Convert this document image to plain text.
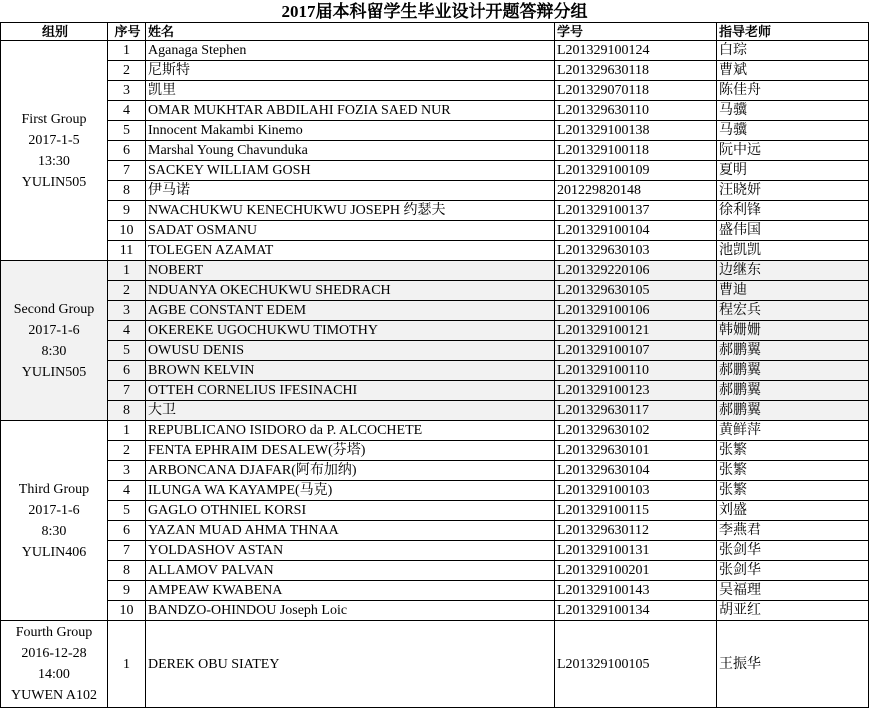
2017届本科留学生毕业设计开题答辩分组
组别	序号	姓名	学号	指导老师

First Group
2017-1-5
13:30
YULIN505	1	Aganaga Stephen	L201329100124	白琮
	2	尼斯特	L201329630118	曹斌
	3	凯里	L201329070118	陈佳舟
	4	OMAR MUKHTAR ABDILAHI FOZIA SAED NUR	L201329630110	马骥
	5	Innocent Makambi Kinemo	L201329100138	马骥
	6	Marshal Young Chavunduka	L201329100118	阮中远
	7	SACKEY WILLIAM GOSH	L201329100109	夏明
	8	伊马诺	201229820148	汪晓妍
	9	NWACHUKWU KENECHUKWU JOSEPH 约瑟夫	L201329100137	徐利锋
	10	SADAT OSMANU	L201329100104	盛伟国
	11	TOLEGEN AZAMAT	L201329630103	池凯凯

Second Group
2017-1-6
8:30
YULIN505	1	NOBERT	L201329220106	边继东
	2	NDUANYA OKECHUKWU SHEDRACH	L201329630105	曹迪
	3	AGBE CONSTANT EDEM	L201329100106	程宏兵
	4	OKEREKE UGOCHUKWU TIMOTHY	L201329100121	韩姗姗
	5	OWUSU DENIS	L201329100107	郝鹏翼
	6	BROWN KELVIN	L201329100110	郝鹏翼
	7	OTTEH CORNELIUS IFESINACHI	L201329100123	郝鹏翼
	8	大卫	L201329630117	郝鹏翼

Third Group
2017-1-6
8:30
YULIN406	1	REPUBLICANO ISIDORO da P. ALCOCHETE	L201329630102	黄鲜萍
	2	FENTA EPHRAIM DESALEW(芬塔)	L201329630101	张繁
	3	ARBONCANA DJAFAR(阿布加纳)	L201329630104	张繁
	4	ILUNGA WA KAYAMPE(马克)	L201329100103	张繁
	5	GAGLO OTHNIEL KORSI	L201329100115	刘盛
	6	YAZAN MUAD AHMA THNAA	L201329630112	李燕君
	7	YOLDASHOV ASTAN	L201329100131	张剑华
	8	ALLAMOV PALVAN	L201329100201	张剑华
	9	AMPEAW KWABENA	L201329100143	吴福理
	10	BANDZO-OHINDOU Joseph Loic	L201329100134	胡亚红

Fourth Group
2016-12-28
14:00
YUWEN A102	1	DEREK OBU SIATEY	L201329100105	王振华
